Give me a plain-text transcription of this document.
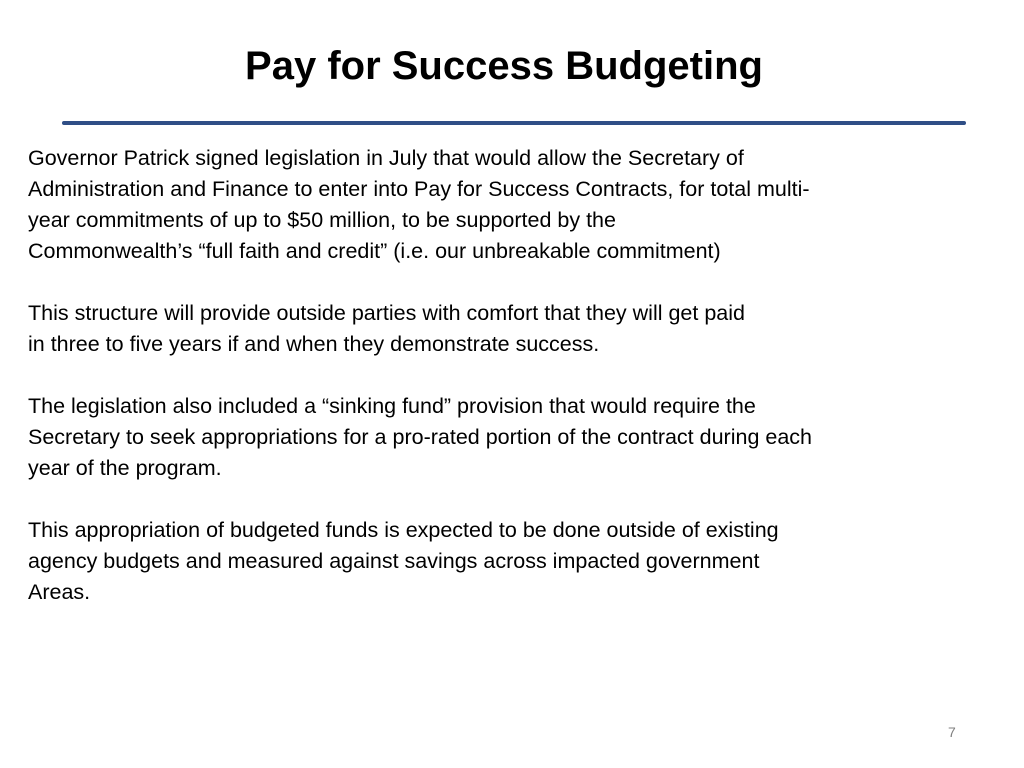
Pay for Success Budgeting

Governor Patrick signed legislation in July that would allow the Secretary of
Administration and Finance to enter into Pay for Success Contracts, for total multi-
year commitments of up to $50 million, to be supported by the
Commonwealth’s “full faith and credit” (i.e. our unbreakable commitment)

This structure will provide outside parties with comfort that they will get paid
in three to five years if and when they demonstrate success.

The legislation also included a “sinking fund” provision that would require the
Secretary to seek appropriations for a pro-rated portion of the contract during each
year of the program.

This appropriation of budgeted funds is expected to be done outside of existing
agency budgets and measured against savings across impacted government
Areas.

7
